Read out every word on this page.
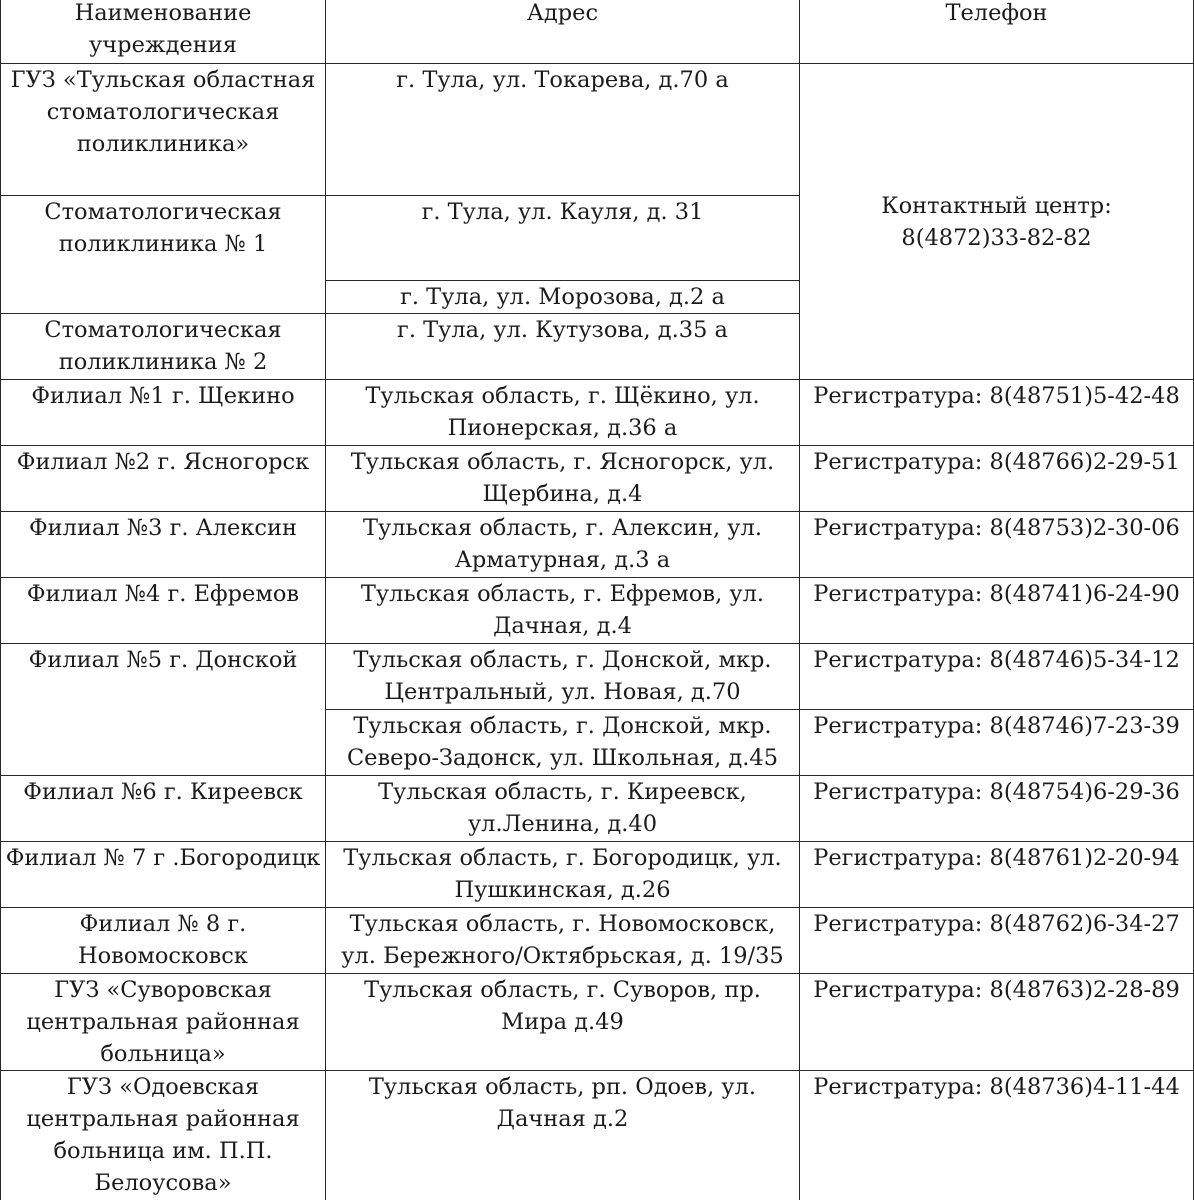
Наименование учреждения	Адрес	Телефон
ГУЗ «Тульская областная стоматологическая поликлиника»	г. Тула, ул. Токарева, д.70 а	Контактный центр:
8(4872)33-82-82

Стоматологическая поликлиника № 1	г. Тула, ул. Кауля, д. 31	
	г. Тула, ул. Морозова, д.2 а	
Стоматологическая поликлиника № 2	г. Тула, ул. Кутузова, д.35 а	
Филиал №1 г. Щекино	Тульская область, г. Щёкино, ул. Пионерская, д.36 а	Регистратура: 8(48751)5-42-48
Филиал №2 г. Ясногорск	Тульская область, г. Ясногорск, ул. Щербина, д.4	Регистратура: 8(48766)2-29-51
Филиал №3 г. Алексин	Тульская область, г. Алексин, ул. Арматурная, д.3 а	Регистратура: 8(48753)2-30-06
Филиал №4 г. Ефремов	Тульская область, г. Ефремов, ул. Дачная, д.4	Регистратура: 8(48741)6-24-90
Филиал №5 г. Донской	Тульская область, г. Донской, мкр. Центральный, ул. Новая, д.70	Регистратура: 8(48746)5-34-12
	Тульская область, г. Донской, мкр. Северо-Задонск, ул. Школьная, д.45	Регистратура: 8(48746)7-23-39
Филиал №6 г. Киреевск	Тульская область, г. Киреевск, ул.Ленина, д.40	Регистратура: 8(48754)6-29-36
Филиал № 7 г .Богородицк	Тульская область, г. Богородицк, ул. Пушкинская, д.26	Регистратура: 8(48761)2-20-94
Филиал № 8 г. Новомосковск	Тульская область, г. Новомосковск, ул. Бережного/Октябрьская, д. 19/35	Регистратура: 8(48762)6-34-27
ГУЗ «Суворовская центральная районная больница»	Тульская область, г. Суворов, пр. Мира д.49	Регистратура: 8(48763)2-28-89
ГУЗ «Одоевская центральная районная больница им. П.П. Белоусова»	Тульская область, рп. Одоев, ул. Дачная д.2	Регистратура: 8(48736)4-11-44
